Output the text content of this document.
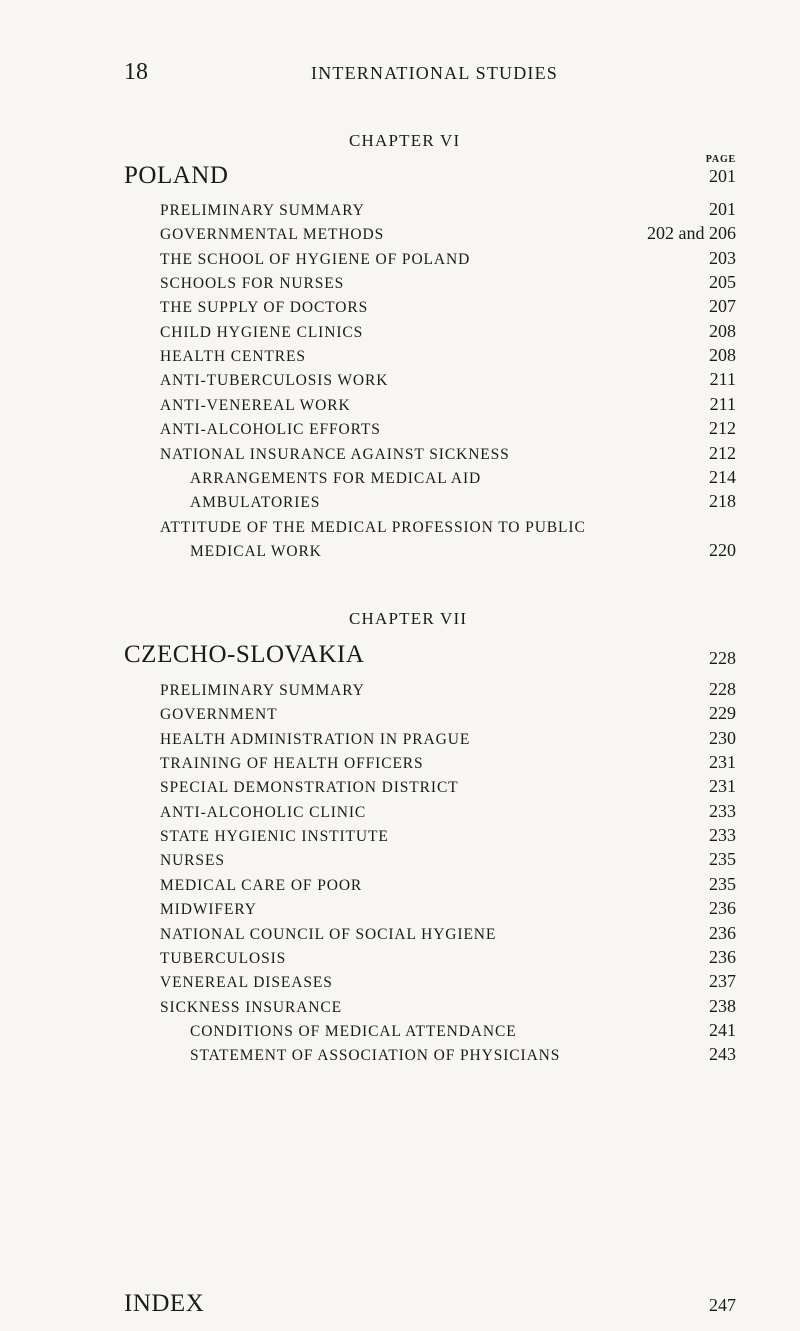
18	INTERNATIONAL STUDIES
CHAPTER VI
PAGE
POLAND	201
PRELIMINARY SUMMARY	201
GOVERNMENTAL METHODS	202 and 206
THE SCHOOL OF HYGIENE OF POLAND	203
SCHOOLS FOR NURSES	205
THE SUPPLY OF DOCTORS	207
CHILD HYGIENE CLINICS	208
HEALTH CENTRES	208
ANTI-TUBERCULOSIS WORK	211
ANTI-VENEREAL WORK	211
ANTI-ALCOHOLIC EFFORTS	212
NATIONAL INSURANCE AGAINST SICKNESS	212
ARRANGEMENTS FOR MEDICAL AID	214
AMBULATORIES	218
ATTITUDE OF THE MEDICAL PROFESSION TO PUBLIC
MEDICAL WORK	220
CHAPTER VII
CZECHO-SLOVAKIA	228
PRELIMINARY SUMMARY	228
GOVERNMENT	229
HEALTH ADMINISTRATION IN PRAGUE	230
TRAINING OF HEALTH OFFICERS	231
SPECIAL DEMONSTRATION DISTRICT	231
ANTI-ALCOHOLIC CLINIC	233
STATE HYGIENIC INSTITUTE	233
NURSES	235
MEDICAL CARE OF POOR	235
MIDWIFERY	236
NATIONAL COUNCIL OF SOCIAL HYGIENE	236
TUBERCULOSIS	236
VENEREAL DISEASES	237
SICKNESS INSURANCE	238
CONDITIONS OF MEDICAL ATTENDANCE	241
STATEMENT OF ASSOCIATION OF PHYSICIANS	243
INDEX	247
